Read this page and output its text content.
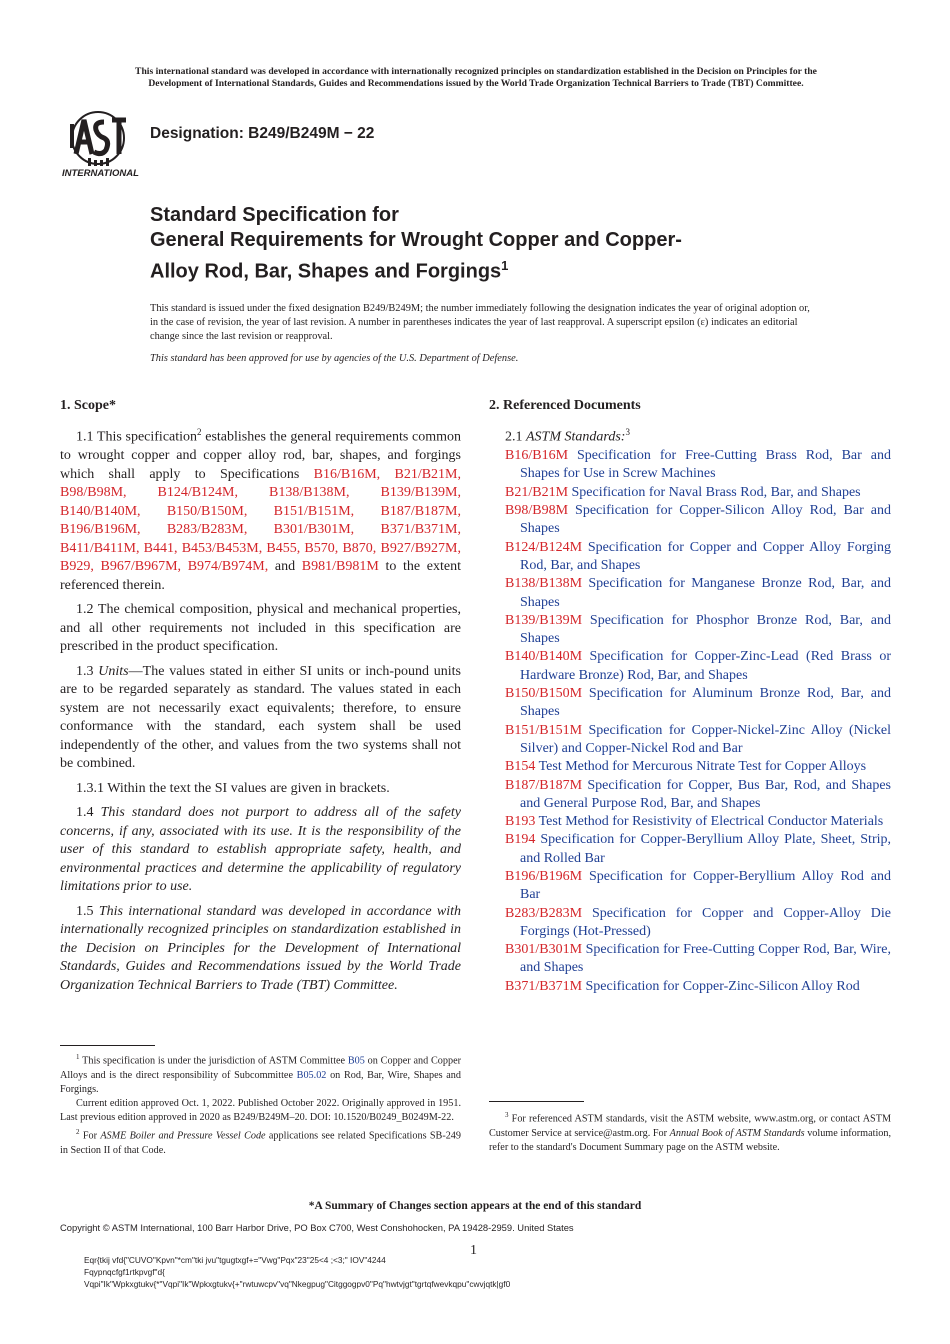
This international standard was developed in accordance with internationally recognized principles on standardization established in the Decision on Principles for the
Development of International Standards, Guides and Recommendations issued by the World Trade Organization Technical Barriers to Trade (TBT) Committee.
INTERNATIONAL
Designation: B249/B249M − 22
Standard Specification for
General Requirements for Wrought Copper and Copper-
Alloy Rod, Bar, Shapes and Forgings$^1$
This standard is issued under the fixed designation B249/B249M; the number immediately following the designation indicates the year of original adoption or, in the case of revision, the year of last revision. A number in parentheses indicates the year of last reapproval. A superscript epsilon (ε) indicates an editorial change since the last revision or reapproval.
This standard has been approved for use by agencies of the U.S. Department of Defense.
1. Scope*

1.1 This specification$^2$ establishes the general requirements common to wrought copper and copper alloy rod, bar, shapes, and forgings which shall apply to Specifications B16/B16M, B21/B21M, B98/B98M, B124/B124M, B138/B138M, B139/B139M, B140/B140M, B150/B150M, B151/B151M, B187/B187M, B196/B196M, B283/B283M, B301/B301M, B371/B371M, B411/B411M, B441, B453/B453M, B455, B570, B870, B927/B927M, B929, B967/B967M, B974/B974M, and B981/B981M to the extent referenced therein.

1.2 The chemical composition, physical and mechanical properties, and all other requirements not included in this specification are prescribed in the product specification.

1.3 Units—The values stated in either SI units or inch-pound units are to be regarded separately as standard. The values stated in each system are not necessarily exact equivalents; therefore, to ensure conformance with the standard, each system shall be used independently of the other, and values from the two systems shall not be combined.

1.3.1 Within the text the SI values are given in brackets.

1.4 This standard does not purport to address all of the safety concerns, if any, associated with its use. It is the responsibility of the user of this standard to establish appropriate safety, health, and environmental practices and determine the applicability of regulatory limitations prior to use.

1.5 This international standard was developed in accordance with internationally recognized principles on standardization established in the Decision on Principles for the Development of International Standards, Guides and Recommendations issued by the World Trade Organization Technical Barriers to Trade (TBT) Committee.

2. Referenced Documents
2.1 ASTM Standards:$^3$
B16/B16M Specification for Free-Cutting Brass Rod, Bar and Shapes for Use in Screw Machines
B21/B21M Specification for Naval Brass Rod, Bar, and Shapes
B98/B98M Specification for Copper-Silicon Alloy Rod, Bar and Shapes
B124/B124M Specification for Copper and Copper Alloy Forging Rod, Bar, and Shapes
B138/B138M Specification for Manganese Bronze Rod, Bar, and Shapes
B139/B139M Specification for Phosphor Bronze Rod, Bar, and Shapes
B140/B140M Specification for Copper-Zinc-Lead (Red Brass or Hardware Bronze) Rod, Bar, and Shapes
B150/B150M Specification for Aluminum Bronze Rod, Bar, and Shapes
B151/B151M Specification for Copper-Nickel-Zinc Alloy (Nickel Silver) and Copper-Nickel Rod and Bar
B154 Test Method for Mercurous Nitrate Test for Copper Alloys
B187/B187M Specification for Copper, Bus Bar, Rod, and Shapes and General Purpose Rod, Bar, and Shapes
B193 Test Method for Resistivity of Electrical Conductor Materials
B194 Specification for Copper-Beryllium Alloy Plate, Sheet, Strip, and Rolled Bar
B196/B196M Specification for Copper-Beryllium Alloy Rod and Bar
B283/B283M Specification for Copper and Copper-Alloy Die Forgings (Hot-Pressed)
B301/B301M Specification for Free-Cutting Copper Rod, Bar, Wire, and Shapes
B371/B371M Specification for Copper-Zinc-Silicon Alloy Rod

$^1$ This specification is under the jurisdiction of ASTM Committee B05 on Copper and Copper Alloys and is the direct responsibility of Subcommittee B05.02 on Rod, Bar, Wire, Shapes and Forgings.

Current edition approved Oct. 1, 2022. Published October 2022. Originally approved in 1951. Last previous edition approved in 2020 as B249/B249M–20. DOI: 10.1520/B0249_B0249M-22.

$^2$ For ASME Boiler and Pressure Vessel Code applications see related Specifications SB-249 in Section II of that Code.

$^3$ For referenced ASTM standards, visit the ASTM website, www.astm.org, or contact ASTM Customer Service at service@astm.org. For Annual Book of ASTM Standards volume information, refer to the standard's Document Summary page on the ASTM website.

*A Summary of Changes section appears at the end of this standard
Copyright © ASTM International, 100 Barr Harbor Drive, PO Box C700, West Conshohocken, PA 19428-2959. United States
1
Eqr{tkij vfd{"CUVO"Kpvn"*cm"tki jvu"tgugtxgf+="Vwg"Pqx"23"25<4 ;<3;" IOV"4244
Fqypnqcfgf1rtkpvgf"d{
Vqpi"Ik"Wpkxgtukv{*"Vqpi"Ik"Wpkxgtukv{+"rwtuwcpv"vq"Nkegpug"Citggogpv0"Pq"hwtvjgt"tgrtqfwevkqpu"cwvjqtk|gf0
